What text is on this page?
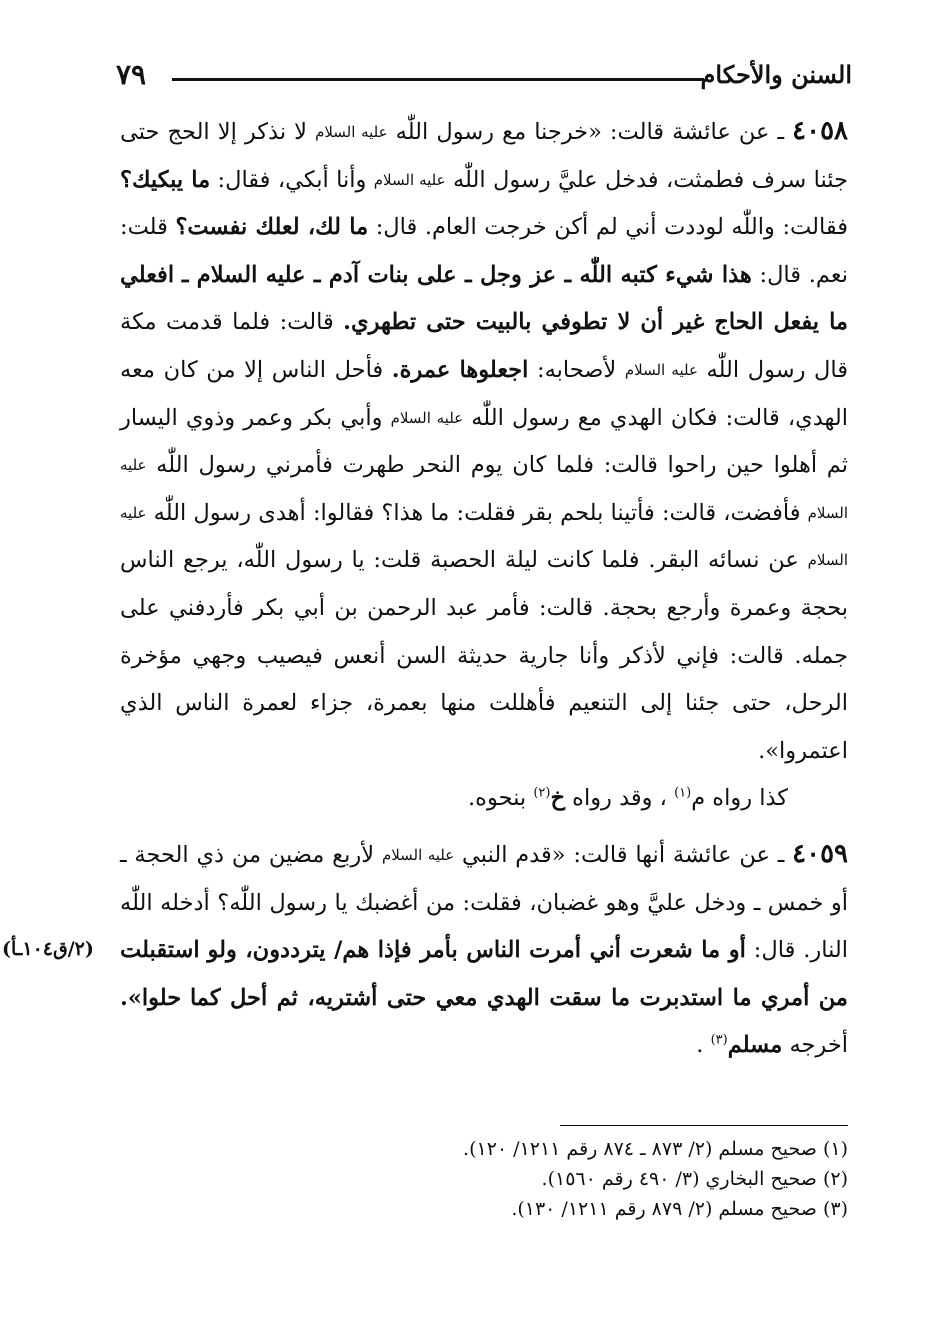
السنن والأحكام
٧٩

٤٠٥٨ ـ عن عائشة قالت: «خرجنا مع رسول اللّٰه عليه السلام لا نذكر إلا الحج حتى جئنا سرف فطمثت، فدخل عليَّ رسول اللّٰه عليه السلام وأنا أبكي، فقال: ما يبكيك؟ فقالت: واللّٰه لوددت أني لم أكن خرجت العام. قال: ما لك، لعلك نفست؟ قلت: نعم. قال: هذا شيء كتبه اللّٰه ـ عز وجل ـ على بنات آدم ـ عليه السلام ـ افعلي ما يفعل الحاج غير أن لا تطوفي بالبيت حتى تطهري. قالت: فلما قدمت مكة قال رسول اللّٰه عليه السلام لأصحابه: اجعلوها عمرة. فأحل الناس إلا من كان معه الهدي، قالت: فكان الهدي مع رسول اللّٰه عليه السلام وأبي بكر وعمر وذوي اليسار ثم أهلوا حين راحوا قالت: فلما كان يوم النحر طهرت فأمرني رسول اللّٰه عليه السلام فأفضت، قالت: فأتينا بلحم بقر فقلت: ما هذا؟ فقالوا: أهدى رسول اللّٰه عليه السلام عن نسائه البقر. فلما كانت ليلة الحصبة قلت: يا رسول اللّٰه، يرجع الناس بحجة وعمرة وأرجع بحجة. قالت: فأمر عبد الرحمن بن أبي بكر فأردفني على جمله. قالت: فإني لأذكر وأنا جارية حديثة السن أنعس فيصيب وجهي مؤخرة الرحل، حتى جئنا إلى التنعيم فأهللت منها بعمرة، جزاء لعمرة الناس الذي اعتمروا».

كذا رواه م$^{(١)}$ ، وقد رواه خ$^{(٢)}$ بنحوه.

٤٠٥٩ ـ عن عائشة أنها قالت: «قدم النبي عليه السلام لأربع مضين من ذي الحجة ـ أو خمس ـ ودخل عليَّ وهو غضبان، فقلت: من أغضبك يا رسول اللّٰه؟ أدخله اللّٰه النار. قال: أو ما شعرت أني أمرت الناس بأمر فإذا هم/ يترددون، ولو استقبلت من أمري ما استدبرت ما سقت الهدي معي حتى أشتريه، ثم أحل كما حلوا». أخرجه مسلم$^{(٣)}$ .

(٢/ق١٠٤ـأ)
(١) صحيح مسلم (٢/ ٨٧٣ ـ ٨٧٤ رقم ١٢١١/ ١٢٠).
(٢) صحيح البخاري (٣/ ٤٩٠ رقم ١٥٦٠).
(٣) صحيح مسلم (٢/ ٨٧٩ رقم ١٢١١/ ١٣٠).
